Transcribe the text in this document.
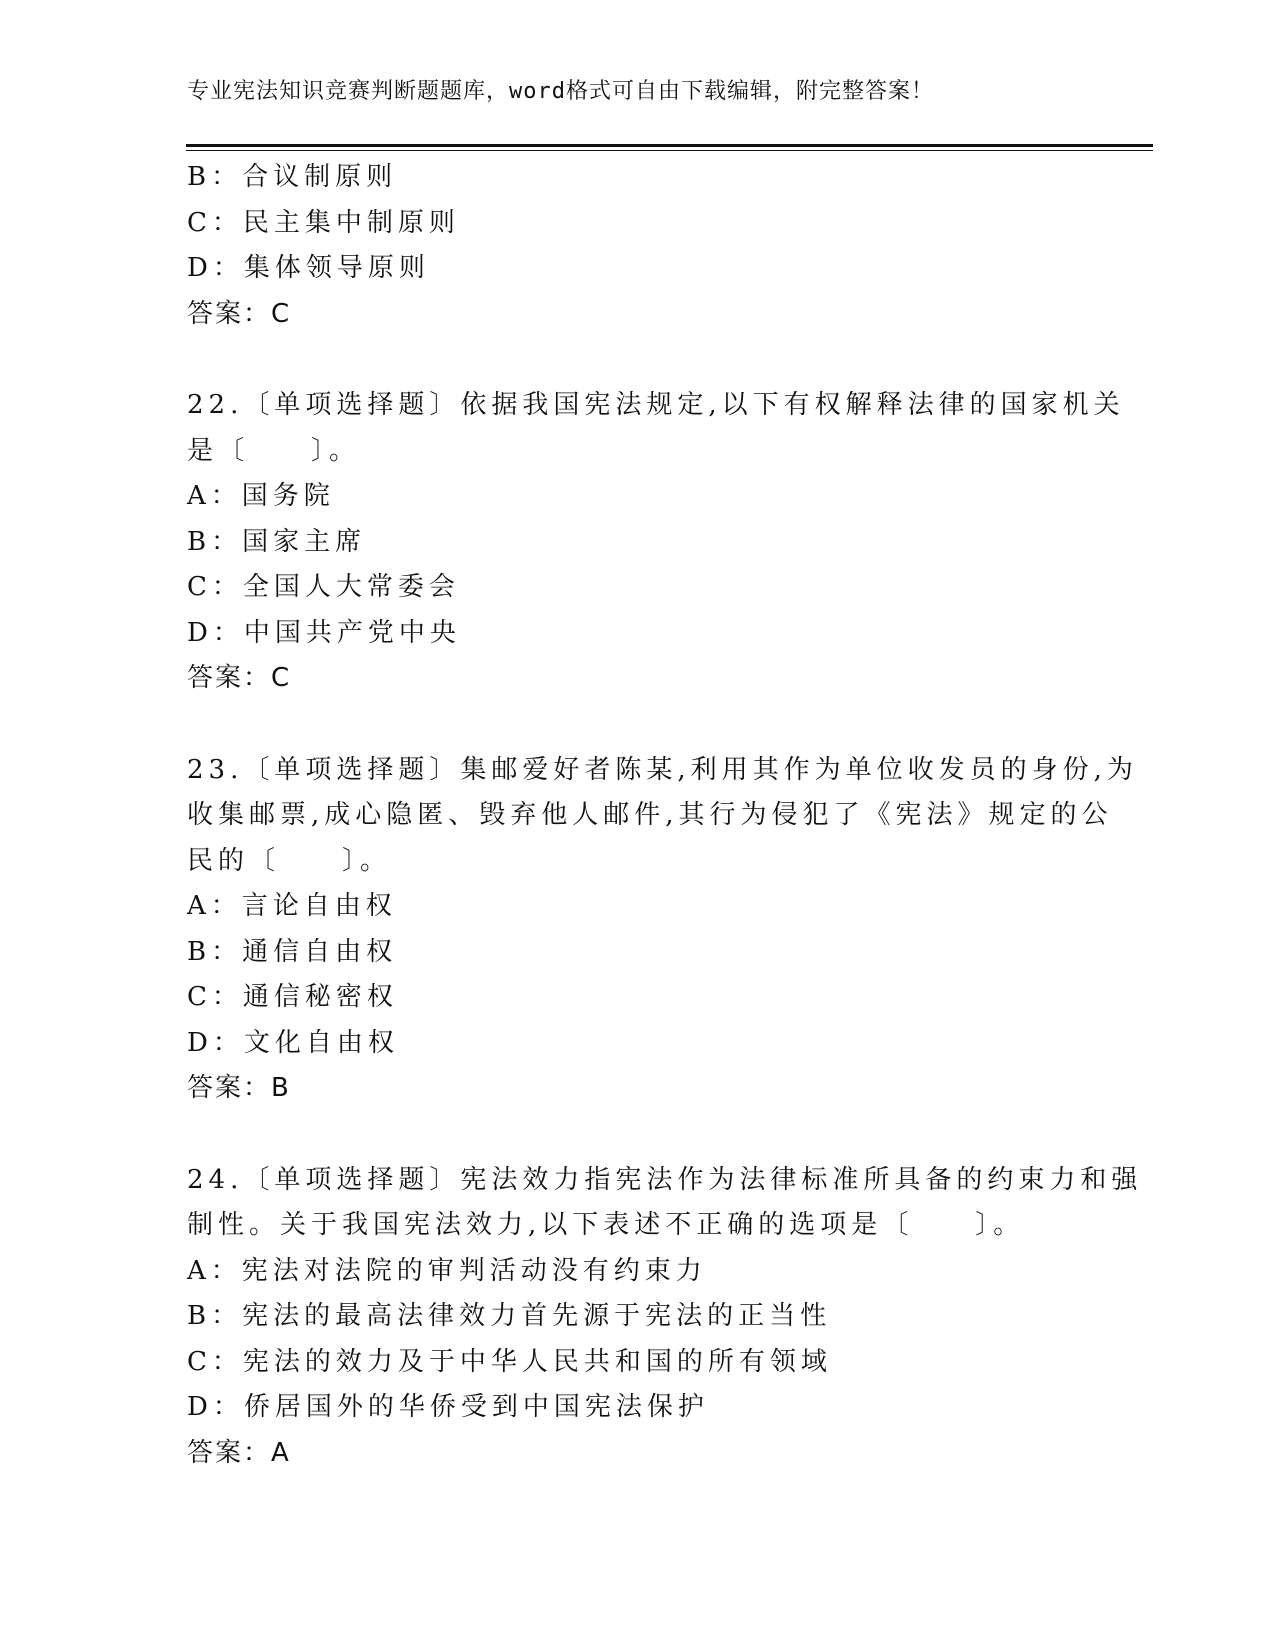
专业宪法知识竞赛判断题题库，word格式可自由下载编辑，附完整答案！
B：合议制原则
C：民主集中制原则
D：集体领导原则
答案：C
22.〔单项选择题〕依据我国宪法规定,以下有权解释法律的国家机关
是〔　　〕。
A：国务院
B：国家主席
C：全国人大常委会
D：中国共产党中央
答案：C
23.〔单项选择题〕集邮爱好者陈某,利用其作为单位收发员的身份,为
收集邮票,成心隐匿、毁弃他人邮件,其行为侵犯了《宪法》规定的公
民的〔　　〕。
A：言论自由权
B：通信自由权
C：通信秘密权
D：文化自由权
答案：B
24.〔单项选择题〕宪法效力指宪法作为法律标准所具备的约束力和强
制性。关于我国宪法效力,以下表述不正确的选项是〔　　〕。
A：宪法对法院的审判活动没有约束力
B：宪法的最高法律效力首先源于宪法的正当性
C：宪法的效力及于中华人民共和国的所有领域
D：侨居国外的华侨受到中国宪法保护
答案：A
